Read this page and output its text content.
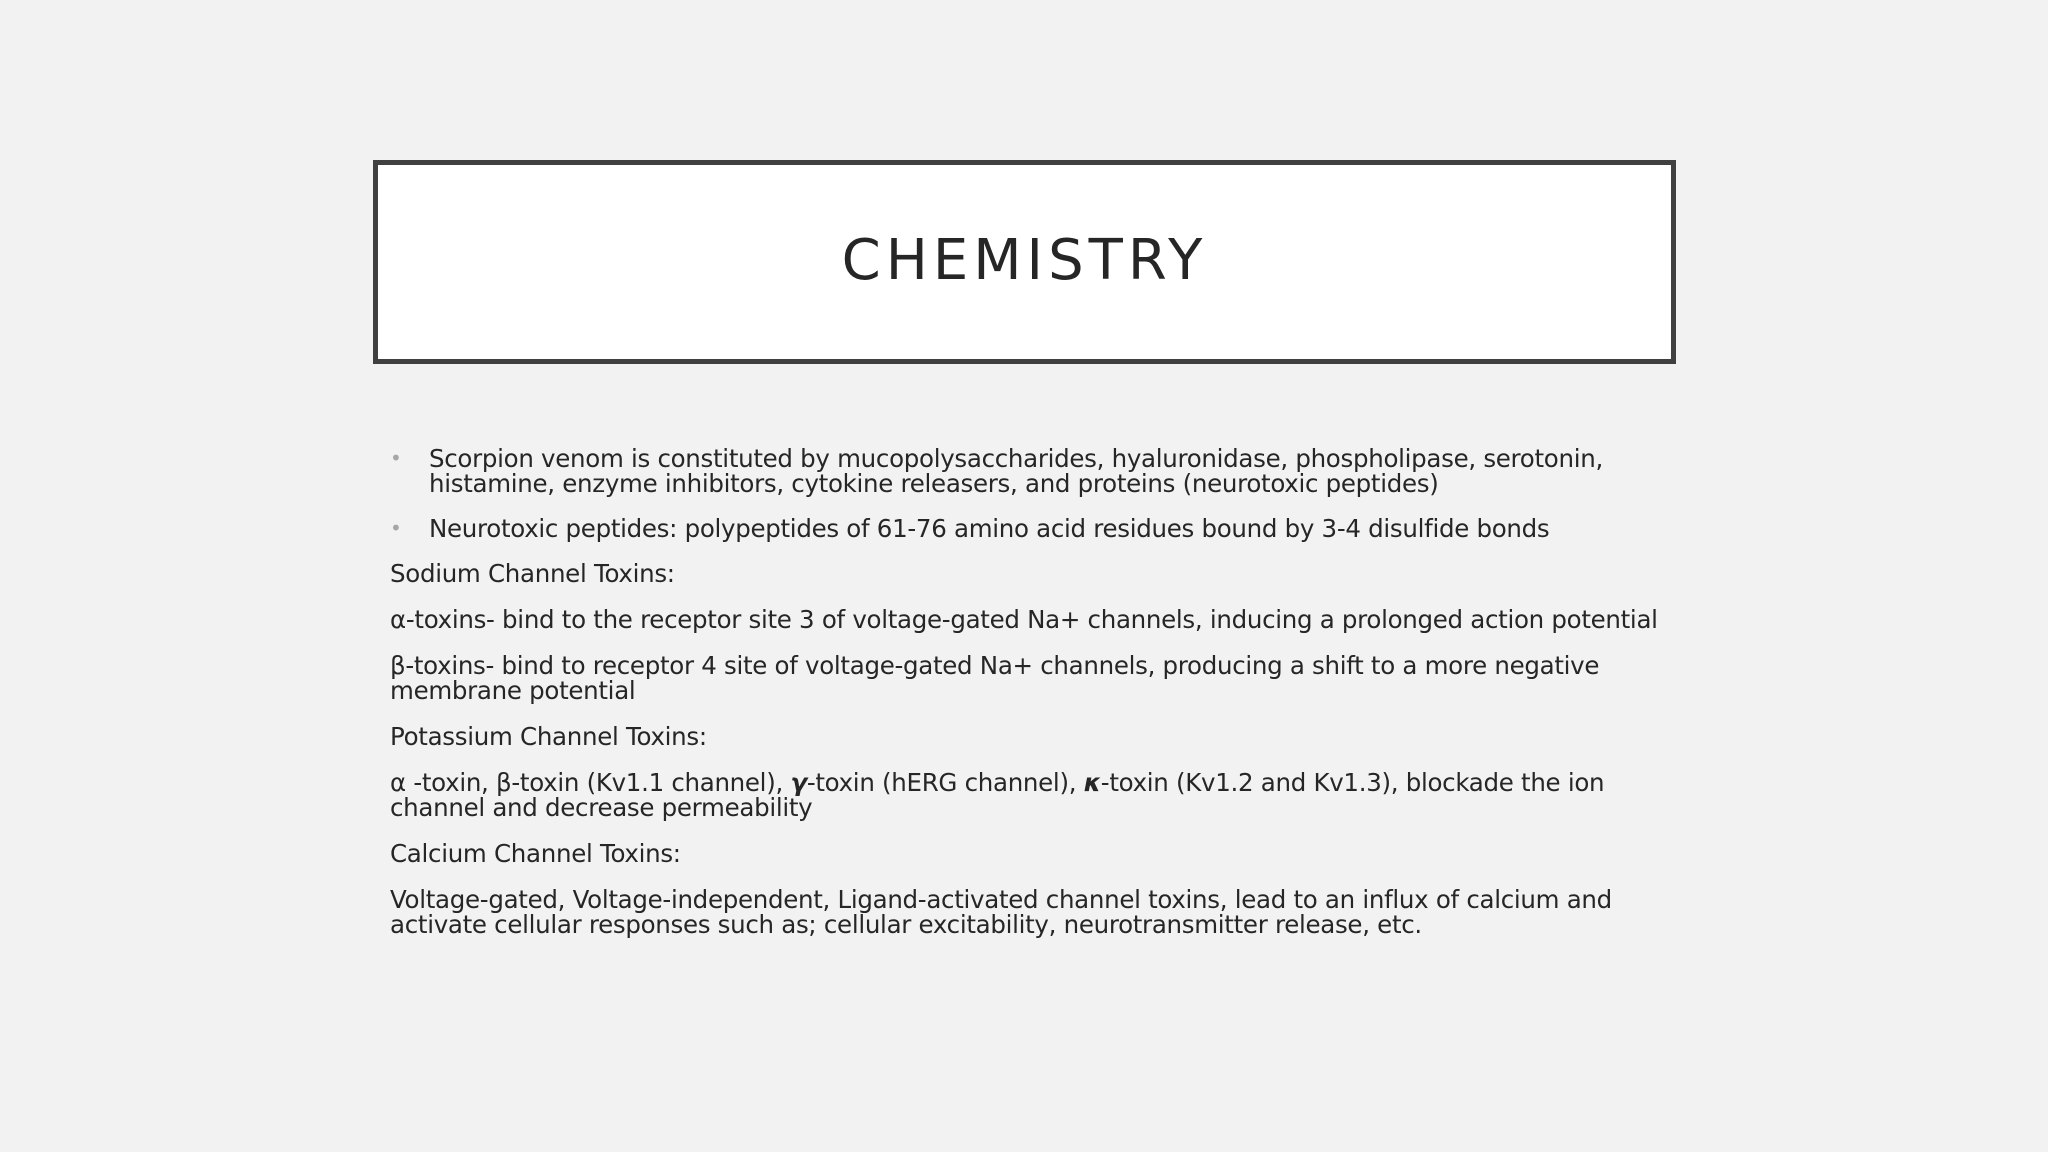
CHEMISTRY
• Scorpion venom is constituted by mucopolysaccharides, hyaluronidase, phospholipase, serotonin, histamine, enzyme inhibitors, cytokine releasers, and proteins (neurotoxic peptides)
• Neurotoxic peptides: polypeptides of 61-76 amino acid residues bound by 3-4 disulfide bonds
Sodium Channel Toxins:
α-toxins- bind to the receptor site 3 of voltage-gated Na+ channels, inducing a prolonged action potential
β-toxins- bind to receptor 4 site of voltage-gated Na+ channels, producing a shift to a more negative membrane potential
Potassium Channel Toxins:
α -toxin, β-toxin (Kv1.1 channel), γ-toxin (hERG channel), κ-toxin (Kv1.2 and Kv1.3), blockade the ion channel and decrease permeability
Calcium Channel Toxins:
Voltage-gated, Voltage-independent, Ligand-activated channel toxins, lead to an influx of calcium and activate cellular responses such as; cellular excitability, neurotransmitter release, etc.
